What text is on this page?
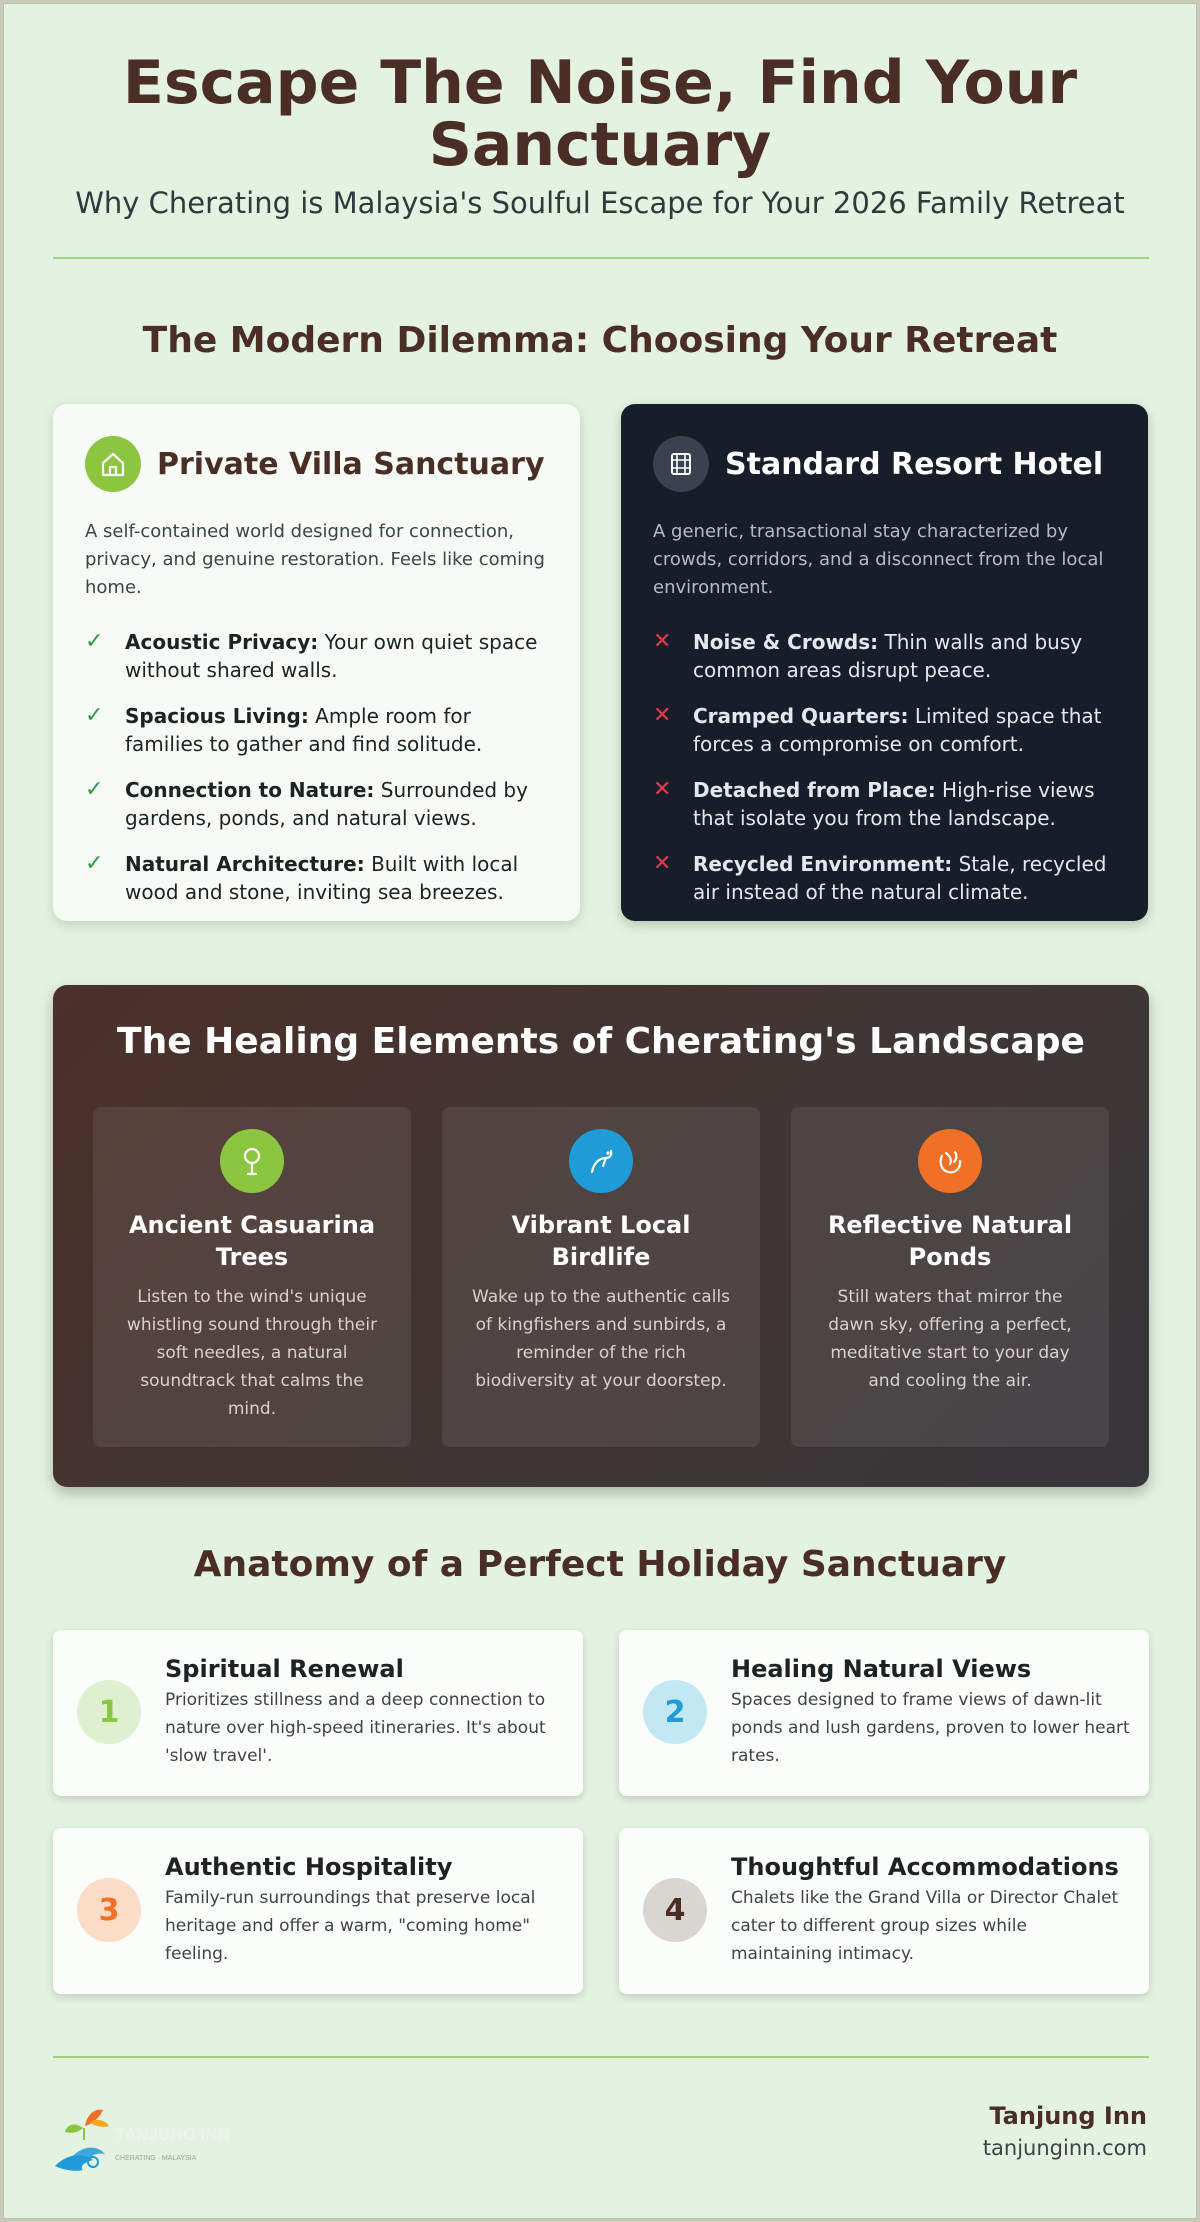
Escape The Noise, Find Your Sanctuary
Why Cherating is Malaysia's Soulful Escape for Your 2026 Family Retreat
The Modern Dilemma: Choosing Your Retreat
Private Villa Sanctuary
A self-contained world designed for connection, privacy, and genuine restoration. Feels like coming home.
✓	Acoustic Privacy: Your own quiet space without shared walls.
✓	Spacious Living: Ample room for families to gather and find solitude.
✓	Connection to Nature: Surrounded by gardens, ponds, and natural views.
✓	Natural Architecture: Built with local wood and stone, inviting sea breezes.
Standard Resort Hotel
A generic, transactional stay characterized by crowds, corridors, and a disconnect from the local environment.
✕	Noise & Crowds: Thin walls and busy common areas disrupt peace.
✕	Cramped Quarters: Limited space that forces a compromise on comfort.
✕	Detached from Place: High-rise views that isolate you from the landscape.
✕	Recycled Environment: Stale, recycled air instead of the natural climate.
The Healing Elements of Cherating's Landscape
Ancient Casuarina Trees
Listen to the wind's unique whistling sound through their soft needles, a natural soundtrack that calms the mind.
Vibrant Local Birdlife
Wake up to the authentic calls of kingfishers and sunbirds, a reminder of the rich biodiversity at your doorstep.
Reflective Natural Ponds
Still waters that mirror the dawn sky, offering a perfect, meditative start to your day and cooling the air.
Anatomy of a Perfect Holiday Sanctuary
1
Spiritual Renewal
Prioritizes stillness and a deep connection to nature over high-speed itineraries. It's about 'slow travel'.
2
Healing Natural Views
Spaces designed to frame views of dawn-lit ponds and lush gardens, proven to lower heart rates.
3
Authentic Hospitality
Family-run surroundings that preserve local heritage and offer a warm, "coming home" feeling.
4
Thoughtful Accommodations
Chalets like the Grand Villa or Director Chalet cater to different group sizes while maintaining intimacy.
TANJUNG INN
CHERATING · MALAYSIA
Tanjung Inn
tanjunginn.com
